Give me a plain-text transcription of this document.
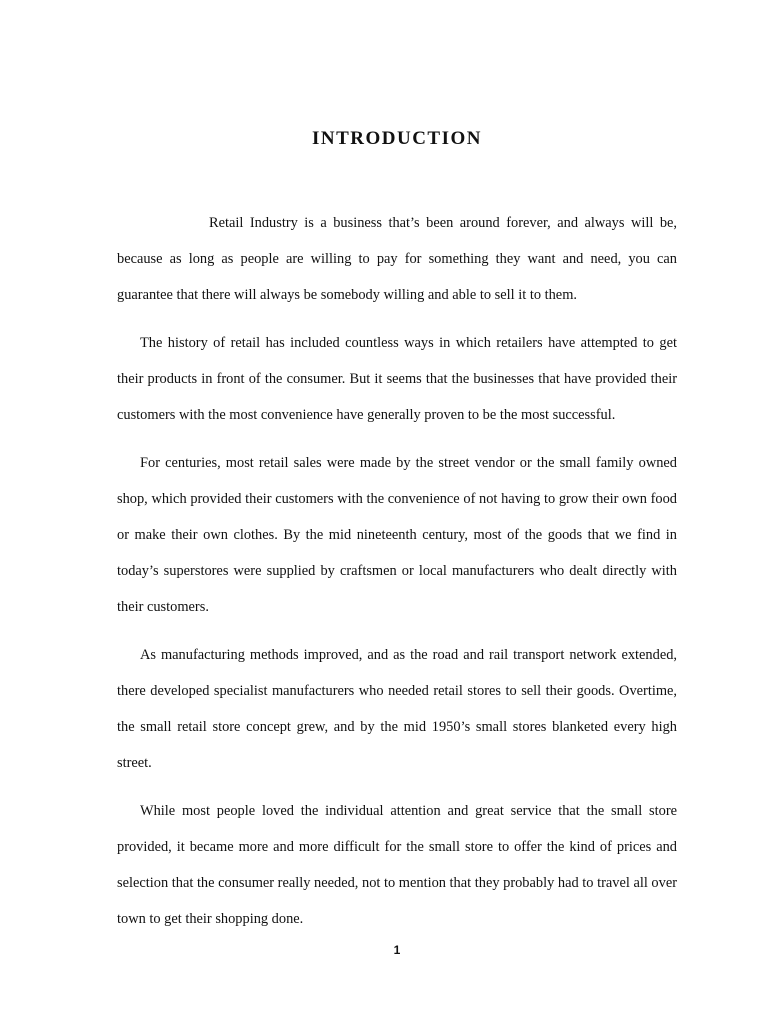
INTRODUCTION

Retail Industry is a business that’s been around forever, and always will be, because as long as people are willing to pay for something they want and need, you can guarantee that there will always be somebody willing and able to sell it to them.

The history of retail has included countless ways in which retailers have attempted to get their products in front of the consumer. But it seems that the businesses that have provided their customers with the most convenience have generally proven to be the most successful.

For centuries, most retail sales were made by the street vendor or the small family owned shop, which provided their customers with the convenience of not having to grow their own food or make their own clothes. By the mid nineteenth century, most of the goods that we find in today’s superstores were supplied by craftsmen or local manufacturers who dealt directly with their customers.

As manufacturing methods improved, and as the road and rail transport network extended, there developed specialist manufacturers who needed retail stores to sell their goods. Overtime, the small retail store concept grew, and by the mid 1950’s small stores blanketed every high street.

While most people loved the individual attention and great service that the small store provided, it became more and more difficult for the small store to offer the kind of prices and selection that the consumer really needed, not to mention that they probably had to travel all over town to get their shopping done.

1
